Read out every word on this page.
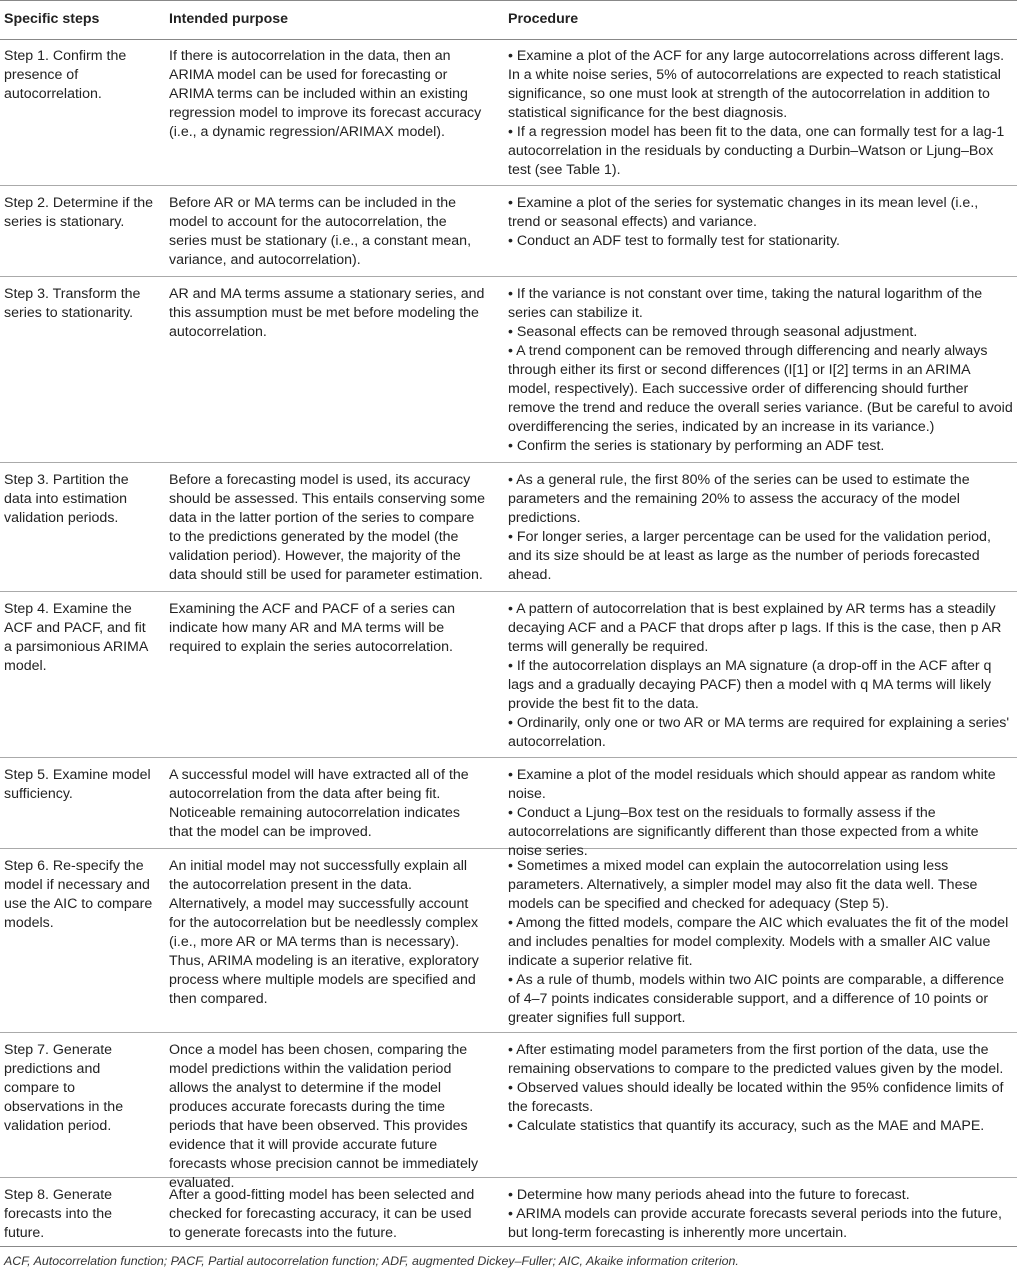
Specific steps	Intended purpose	Procedure
Step 1. Confirm the presence of autocorrelation.
If there is autocorrelation in the data, then an ARIMA model can be used for forecasting or ARIMA terms can be included within an existing regression model to improve its forecast accuracy (i.e., a dynamic regression/ARIMAX model).
• Examine a plot of the ACF for any large autocorrelations across different lags. In a white noise series, 5% of autocorrelations are expected to reach statistical significance, so one must look at strength of the autocorrelation in addition to statistical significance for the best diagnosis.
• If a regression model has been fit to the data, one can formally test for a lag-1 autocorrelation in the residuals by conducting a Durbin–Watson or Ljung–Box test (see Table 1).
Step 2. Determine if the series is stationary.
Before AR or MA terms can be included in the model to account for the autocorrelation, the series must be stationary (i.e., a constant mean, variance, and autocorrelation).
• Examine a plot of the series for systematic changes in its mean level (i.e., trend or seasonal effects) and variance.
• Conduct an ADF test to formally test for stationarity.
Step 3. Transform the series to stationarity.
AR and MA terms assume a stationary series, and this assumption must be met before modeling the autocorrelation.
• If the variance is not constant over time, taking the natural logarithm of the series can stabilize it.
• Seasonal effects can be removed through seasonal adjustment.
• A trend component can be removed through differencing and nearly always through either its first or second differences (I[1] or I[2] terms in an ARIMA model, respectively). Each successive order of differencing should further remove the trend and reduce the overall series variance. (But be careful to avoid overdifferencing the series, indicated by an increase in its variance.)
• Confirm the series is stationary by performing an ADF test.
Step 3. Partition the data into estimation validation periods.
Before a forecasting model is used, its accuracy should be assessed. This entails conserving some data in the latter portion of the series to compare to the predictions generated by the model (the validation period). However, the majority of the data should still be used for parameter estimation.
• As a general rule, the first 80% of the series can be used to estimate the parameters and the remaining 20% to assess the accuracy of the model predictions.
• For longer series, a larger percentage can be used for the validation period, and its size should be at least as large as the number of periods forecasted ahead.
Step 4. Examine the ACF and PACF, and fit a parsimonious ARIMA model.
Examining the ACF and PACF of a series can indicate how many AR and MA terms will be required to explain the series autocorrelation.
• A pattern of autocorrelation that is best explained by AR terms has a steadily decaying ACF and a PACF that drops after p lags. If this is the case, then p AR terms will generally be required.
• If the autocorrelation displays an MA signature (a drop-off in the ACF after q lags and a gradually decaying PACF) then a model with q MA terms will likely provide the best fit to the data.
• Ordinarily, only one or two AR or MA terms are required for explaining a series' autocorrelation.
Step 5. Examine model sufficiency.
A successful model will have extracted all of the autocorrelation from the data after being fit. Noticeable remaining autocorrelation indicates that the model can be improved.
• Examine a plot of the model residuals which should appear as random white noise.
• Conduct a Ljung–Box test on the residuals to formally assess if the autocorrelations are significantly different than those expected from a white noise series.
Step 6. Re-specify the model if necessary and use the AIC to compare models.
An initial model may not successfully explain all the autocorrelation present in the data. Alternatively, a model may successfully account for the autocorrelation but be needlessly complex (i.e., more AR or MA terms than is necessary). Thus, ARIMA modeling is an iterative, exploratory process where multiple models are specified and then compared.
• Sometimes a mixed model can explain the autocorrelation using less parameters. Alternatively, a simpler model may also fit the data well. These models can be specified and checked for adequacy (Step 5).
• Among the fitted models, compare the AIC which evaluates the fit of the model and includes penalties for model complexity. Models with a smaller AIC value indicate a superior relative fit.
• As a rule of thumb, models within two AIC points are comparable, a difference of 4–7 points indicates considerable support, and a difference of 10 points or greater signifies full support.
Step 7. Generate predictions and compare to observations in the validation period.
Once a model has been chosen, comparing the model predictions within the validation period allows the analyst to determine if the model produces accurate forecasts during the time periods that have been observed. This provides evidence that it will provide accurate future forecasts whose precision cannot be immediately evaluated.
• After estimating model parameters from the first portion of the data, use the remaining observations to compare to the predicted values given by the model.
• Observed values should ideally be located within the 95% confidence limits of the forecasts.
• Calculate statistics that quantify its accuracy, such as the MAE and MAPE.
Step 8. Generate forecasts into the future.
After a good-fitting model has been selected and checked for forecasting accuracy, it can be used to generate forecasts into the future.
• Determine how many periods ahead into the future to forecast.
• ARIMA models can provide accurate forecasts several periods into the future, but long-term forecasting is inherently more uncertain.
ACF, Autocorrelation function; PACF, Partial autocorrelation function; ADF, augmented Dickey–Fuller; AIC, Akaike information criterion.
